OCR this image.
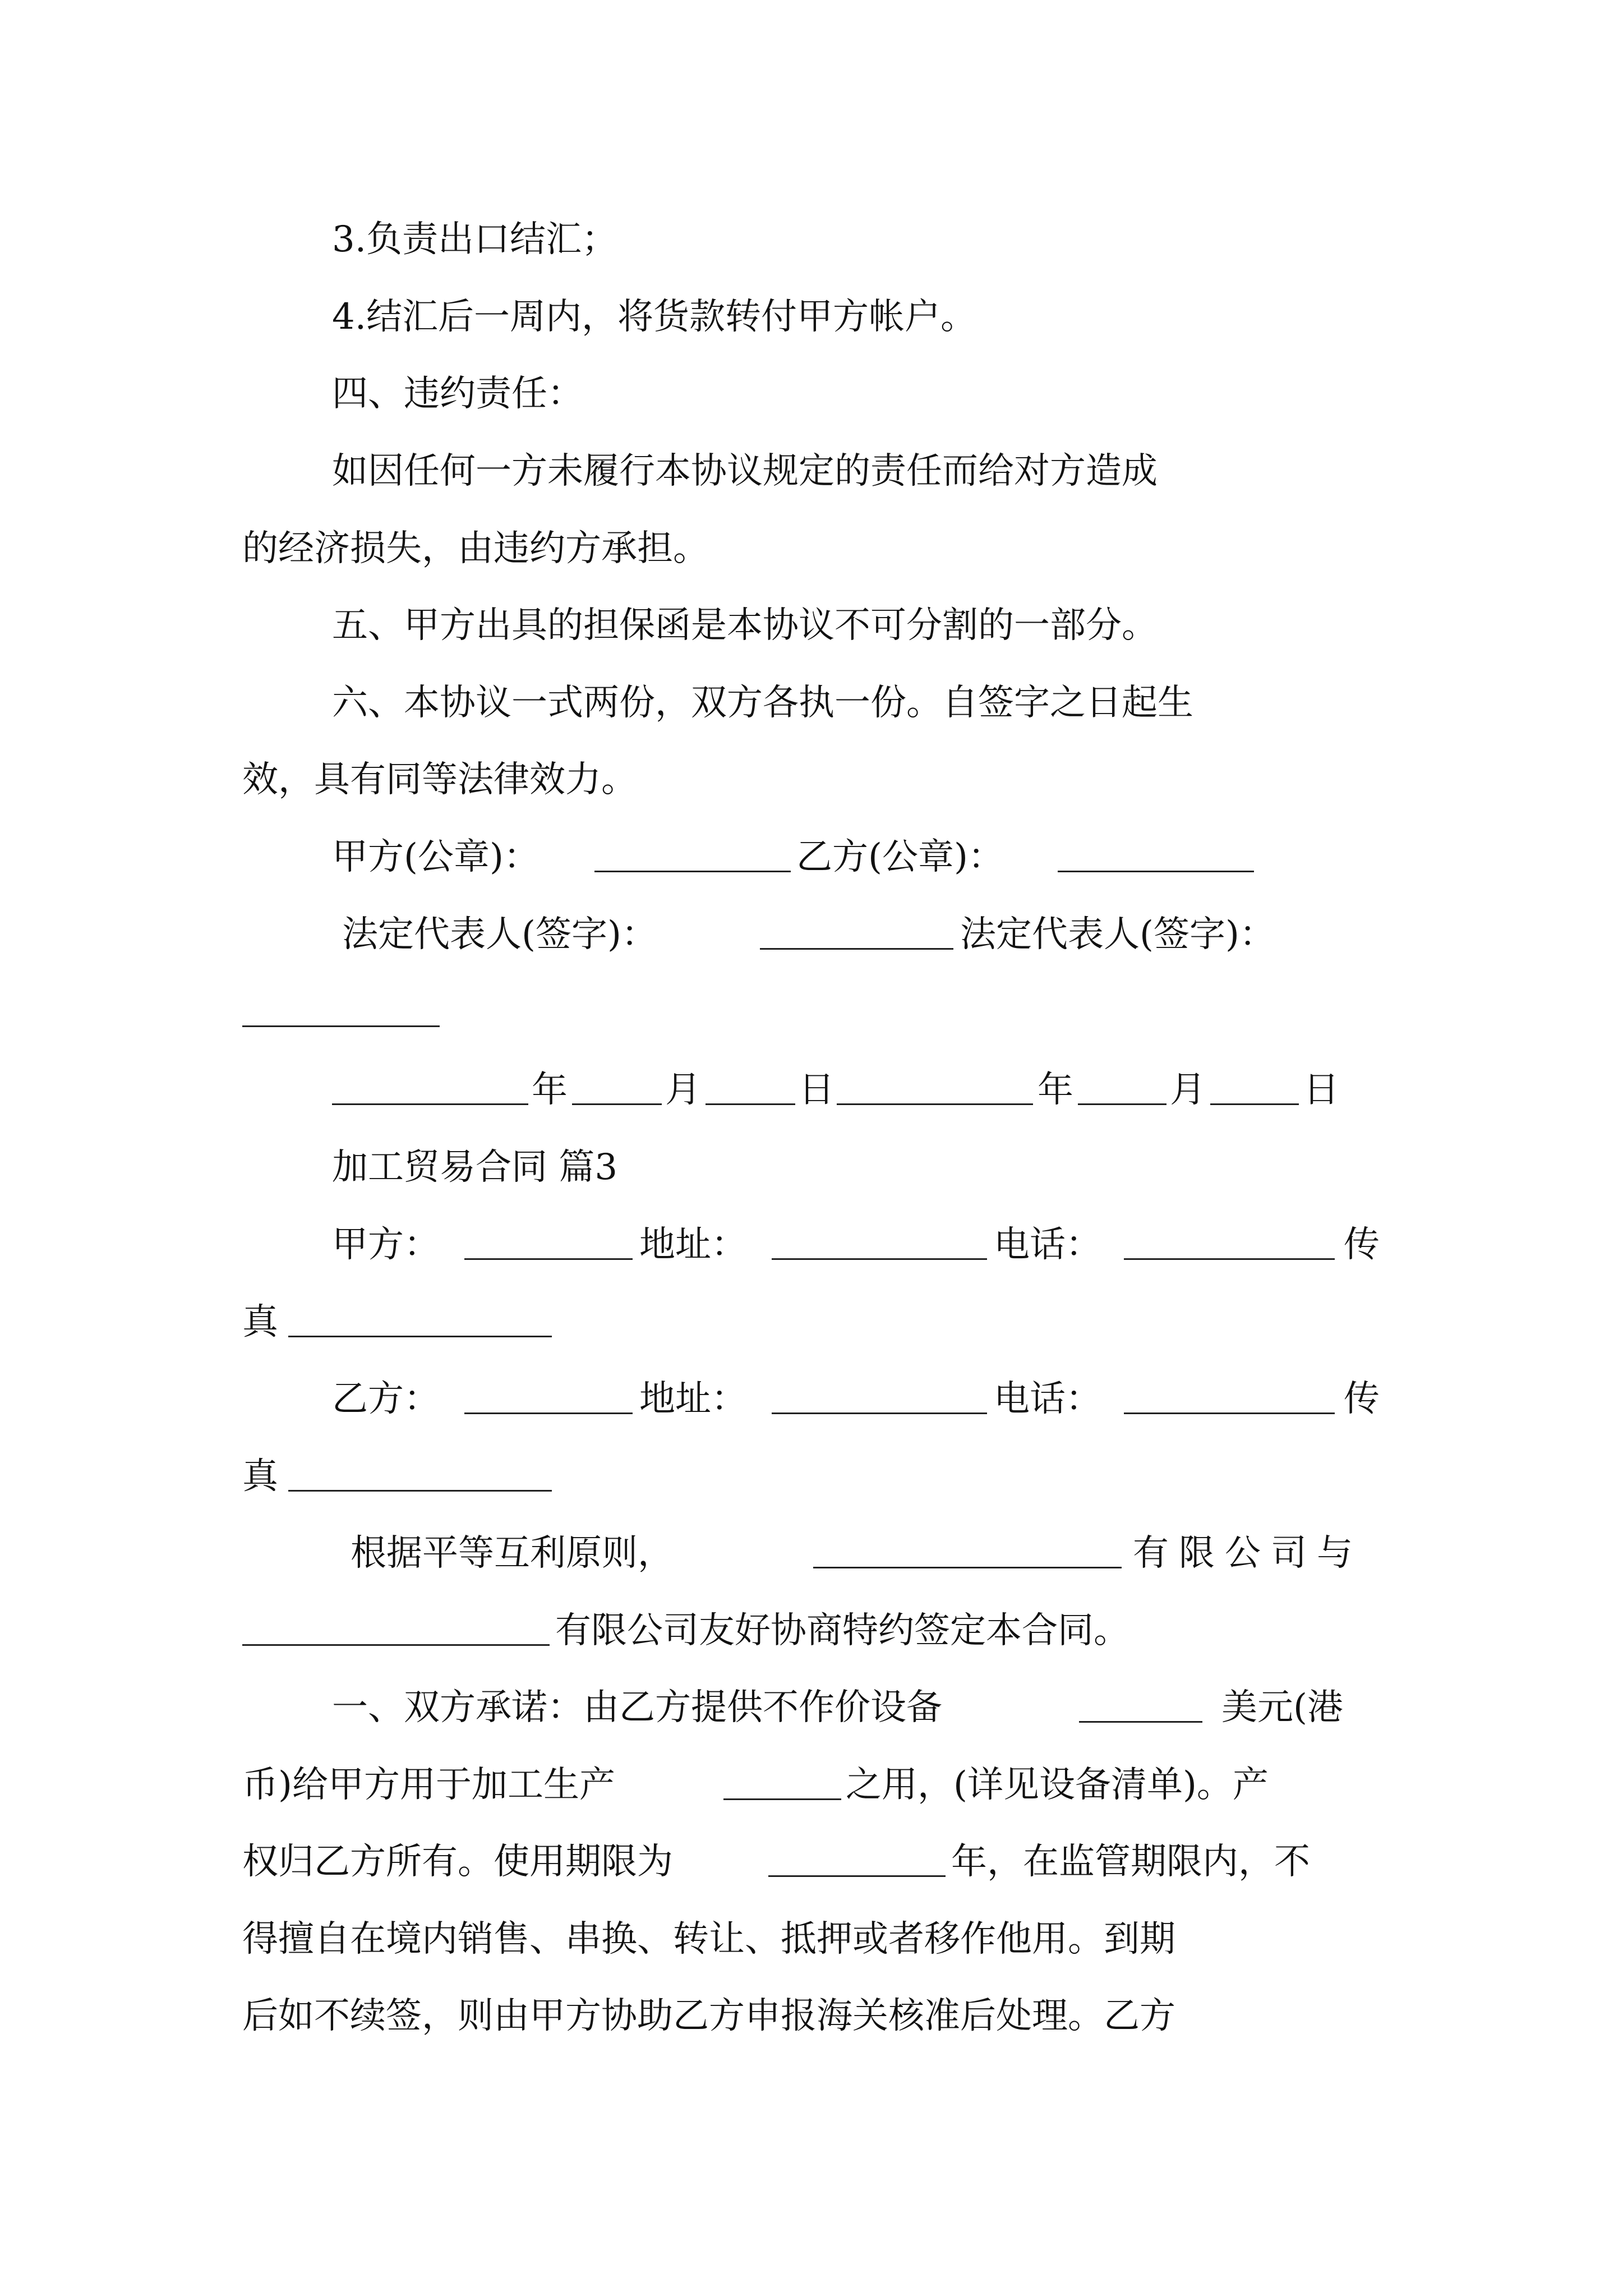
3.负责出口结汇；
4.结汇后一周内，将货款转付甲方帐户。
四、违约责任：
如因任何一方未履行本协议规定的责任而给对方造成
的经济损失，由违约方承担。
五、甲方出具的担保函是本协议不可分割的一部分。
六、本协议一式两份，双方各执一份。自签字之日起生
效，具有同等法律效力。
甲方(公章)：	乙方(公章)：
法定代表人(签字)：	法定代表人(签字)：
年	月	日	年	月	日
加工贸易合同 篇3
甲方：	地址：	电话：	传
真
乙方：	地址：	电话：	传
真
根据平等互利原则，	有限公司与
有限公司友好协商特约签定本合同。
一、双方承诺：由乙方提供不作价设备	美元(港
币)给甲方用于加工生产	之用，(详见设备清单)。产
权归乙方所有。使用期限为	年，在监管期限内，不
得擅自在境内销售、串换、转让、抵押或者移作他用。到期
后如不续签，则由甲方协助乙方申报海关核准后处理。乙方
